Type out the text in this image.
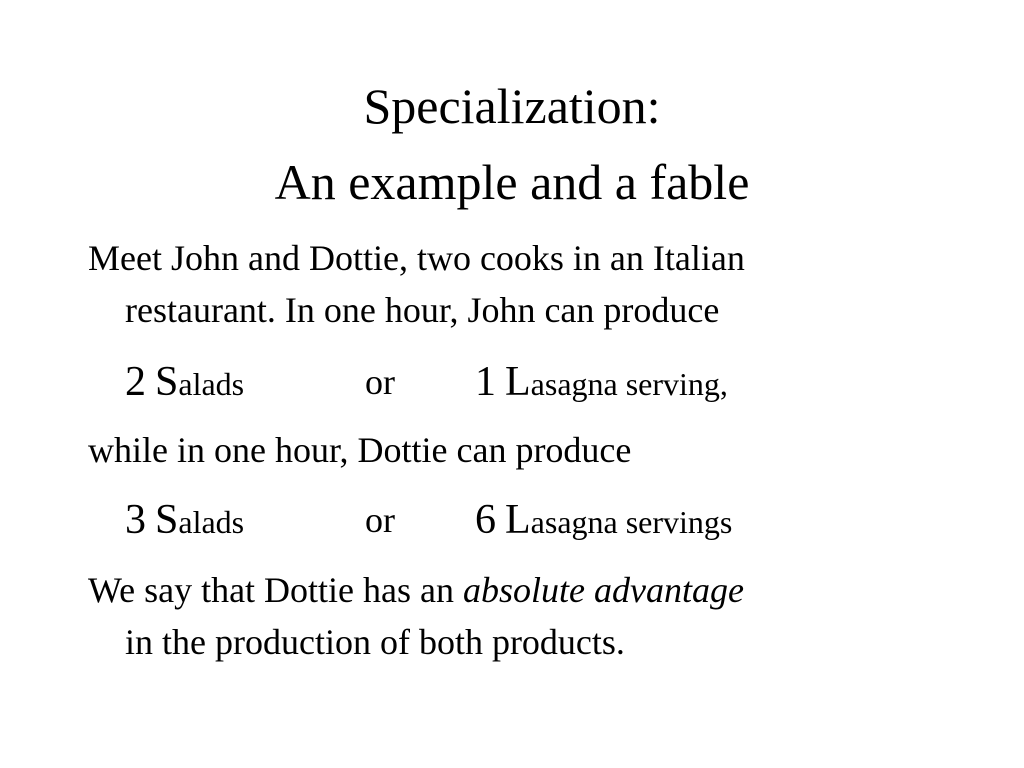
Specialization:
An example and a fable
Meet John and Dottie, two cooks in an Italian
restaurant. In one hour, John can produce
2 Salads	or 1 Lasagna serving,
while in one hour, Dottie can produce
3 Salads	or 6 Lasagna servings
We say that Dottie has an absolute advantage
in the production of both products.
